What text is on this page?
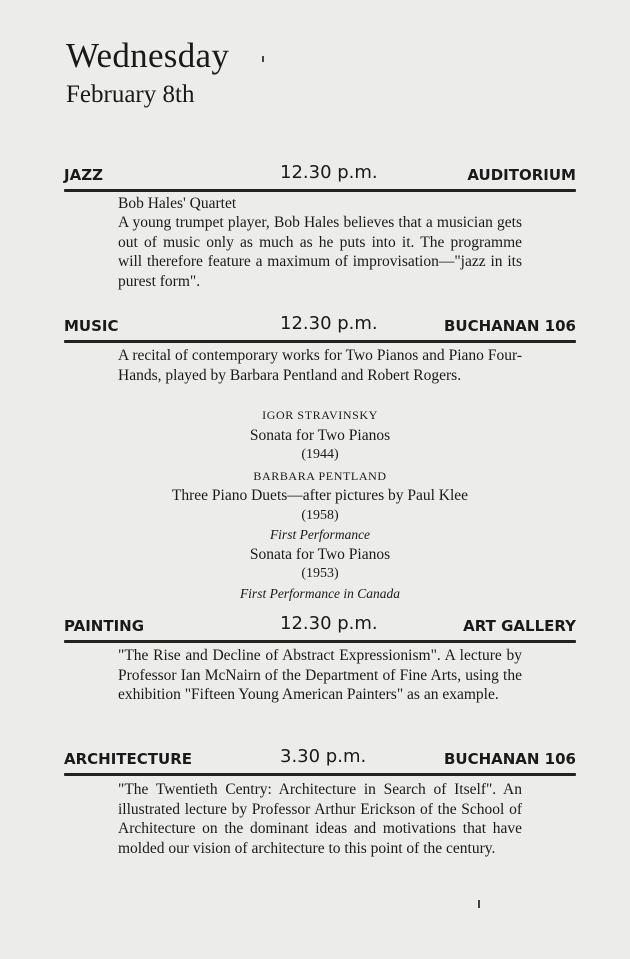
Wednesday
February 8th
JAZZ	12.30 p.m.	AUDITORIUM
Bob Hales' Quartet
A young trumpet player, Bob Hales believes that a musician gets out of music only as much as he puts into it. The programme will therefore feature a maximum of improvisation—"jazz in its purest form".
MUSIC	12.30 p.m.	BUCHANAN 106
A recital of contemporary works for Two Pianos and Piano Four-Hands, played by Barbara Pentland and Robert Rogers.
IGOR STRAVINSKY
Sonata for Two Pianos
(1944)
BARBARA PENTLAND
Three Piano Duets—after pictures by Paul Klee
(1958)
First Performance
Sonata for Two Pianos
(1953)
First Performance in Canada
PAINTING	12.30 p.m.	ART GALLERY
"The Rise and Decline of Abstract Expressionism". A lecture by Professor Ian McNairn of the Department of Fine Arts, using the exhibition "Fifteen Young American Painters" as an example.
ARCHITECTURE	3.30 p.m.	BUCHANAN 106
"The Twentieth Centry: Architecture in Search of Itself". An illustrated lecture by Professor Arthur Erickson of the School of Architecture on the dominant ideas and motivations that have molded our vision of architecture to this point of the century.
